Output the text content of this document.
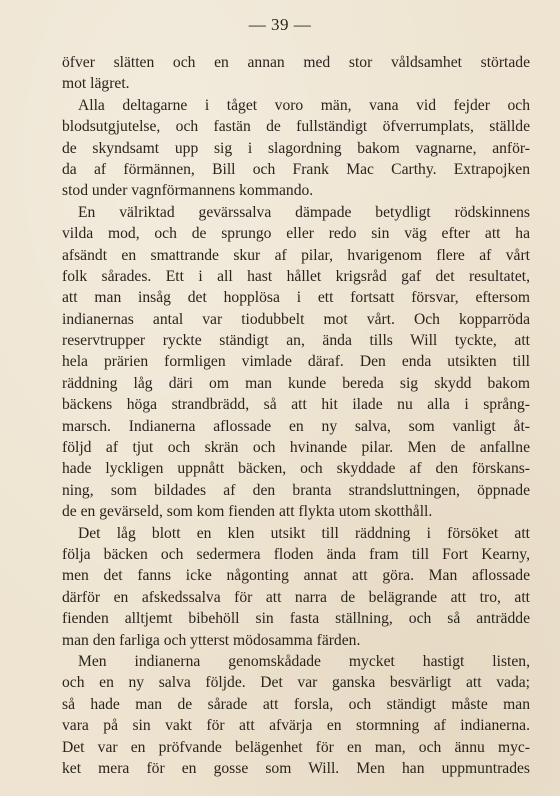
— 39 —
öfver slätten och en annan med stor våldsamhet störtade
mot lägret.
Alla deltagarne i tåget voro män, vana vid fejder och
blodsutgjutelse, och fastän de fullständigt öfverrumplats, ställde
de skyndsamt upp sig i slagordning bakom vagnarne, anför-
da af förmännen, Bill och Frank Mac Carthy. Extrapojken
stod under vagnförmannens kommando.
En välriktad gevärssalva dämpade betydligt rödskinnens
vilda mod, och de sprungo eller redo sin väg efter att ha
afsändt en smattrande skur af pilar, hvarigenom flere af vårt
folk sårades. Ett i all hast hållet krigsråd gaf det resultatet,
att man insåg det hopplösa i ett fortsatt försvar, eftersom
indianernas antal var tiodubbelt mot vårt. Och kopparröda
reservtrupper ryckte ständigt an, ända tills Will tyckte, att
hela prärien formligen vimlade däraf. Den enda utsikten till
räddning låg däri om man kunde bereda sig skydd bakom
bäckens höga strandbrädd, så att hit ilade nu alla i språng-
marsch. Indianerna aflossade en ny salva, som vanligt åt-
följd af tjut och skrän och hvinande pilar. Men de anfallne
hade lyckligen uppnått bäcken, och skyddade af den förskans-
ning, som bildades af den branta strandsluttningen, öppnade
de en gevärseld, som kom fienden att flykta utom skotthåll.
Det låg blott en klen utsikt till räddning i försöket att
följa bäcken och sedermera floden ända fram till Fort Kearny,
men det fanns icke någonting annat att göra. Man aflossade
därför en afskedssalva för att narra de belägrande att tro, att
fienden alltjemt bibehöll sin fasta ställning, och så anträdde
man den farliga och ytterst mödosamma färden.
Men indianerna genomskådade mycket hastigt listen,
och en ny salva följde. Det var ganska besvärligt att vada;
så hade man de sårade att forsla, och ständigt måste man
vara på sin vakt för att afvärja en stormning af indianerna.
Det var en pröfvande belägenhet för en man, och ännu myc-
ket mera för en gosse som Will. Men han uppmuntrades
